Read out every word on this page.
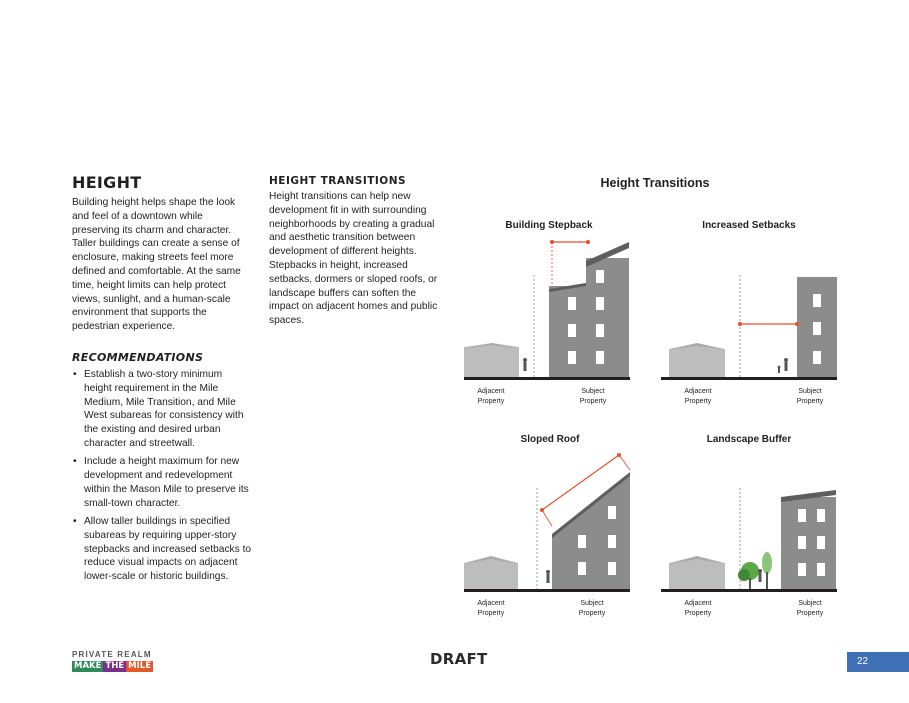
HEIGHT

Building height helps shape the look and feel of a downtown while preserving its charm and character. Taller buildings can create a sense of enclosure, making streets feel more defined and comfortable. At the same time, height limits can help protect views, sunlight, and a human-scale environment that supports the pedestrian experience.

RECOMMENDATIONS
• Establish a two-story minimum height requirement in the Mile Medium, Mile Transition, and Mile West subareas for consistency with the existing and desired urban character and streetwall.
• Include a height maximum for new development and redevelopment within the Mason Mile to preserve its small-town character.
• Allow taller buildings in specified subareas by requiring upper-story stepbacks and increased setbacks to reduce visual impacts on adjacent lower-scale or historic buildings.
HEIGHT TRANSITIONS

Height transitions can help new development fit in with surrounding neighborhoods by creating a gradual and aesthetic transition between development of different heights. Stepbacks in height, increased setbacks, dormers or sloped roofs, or landscape buffers can soften the impact on adjacent homes and public spaces.

Height Transitions
Building Stepback
Adjacent
Property
Subject
Property
Increased Setbacks
Adjacent
Property
Subject
Property
Sloped Roof
Adjacent
Property
Subject
Property
Landscape Buffer
Adjacent
Property
Subject
Property
PRIVATE REALM
MAKE THE MILE	DRAFT	22
